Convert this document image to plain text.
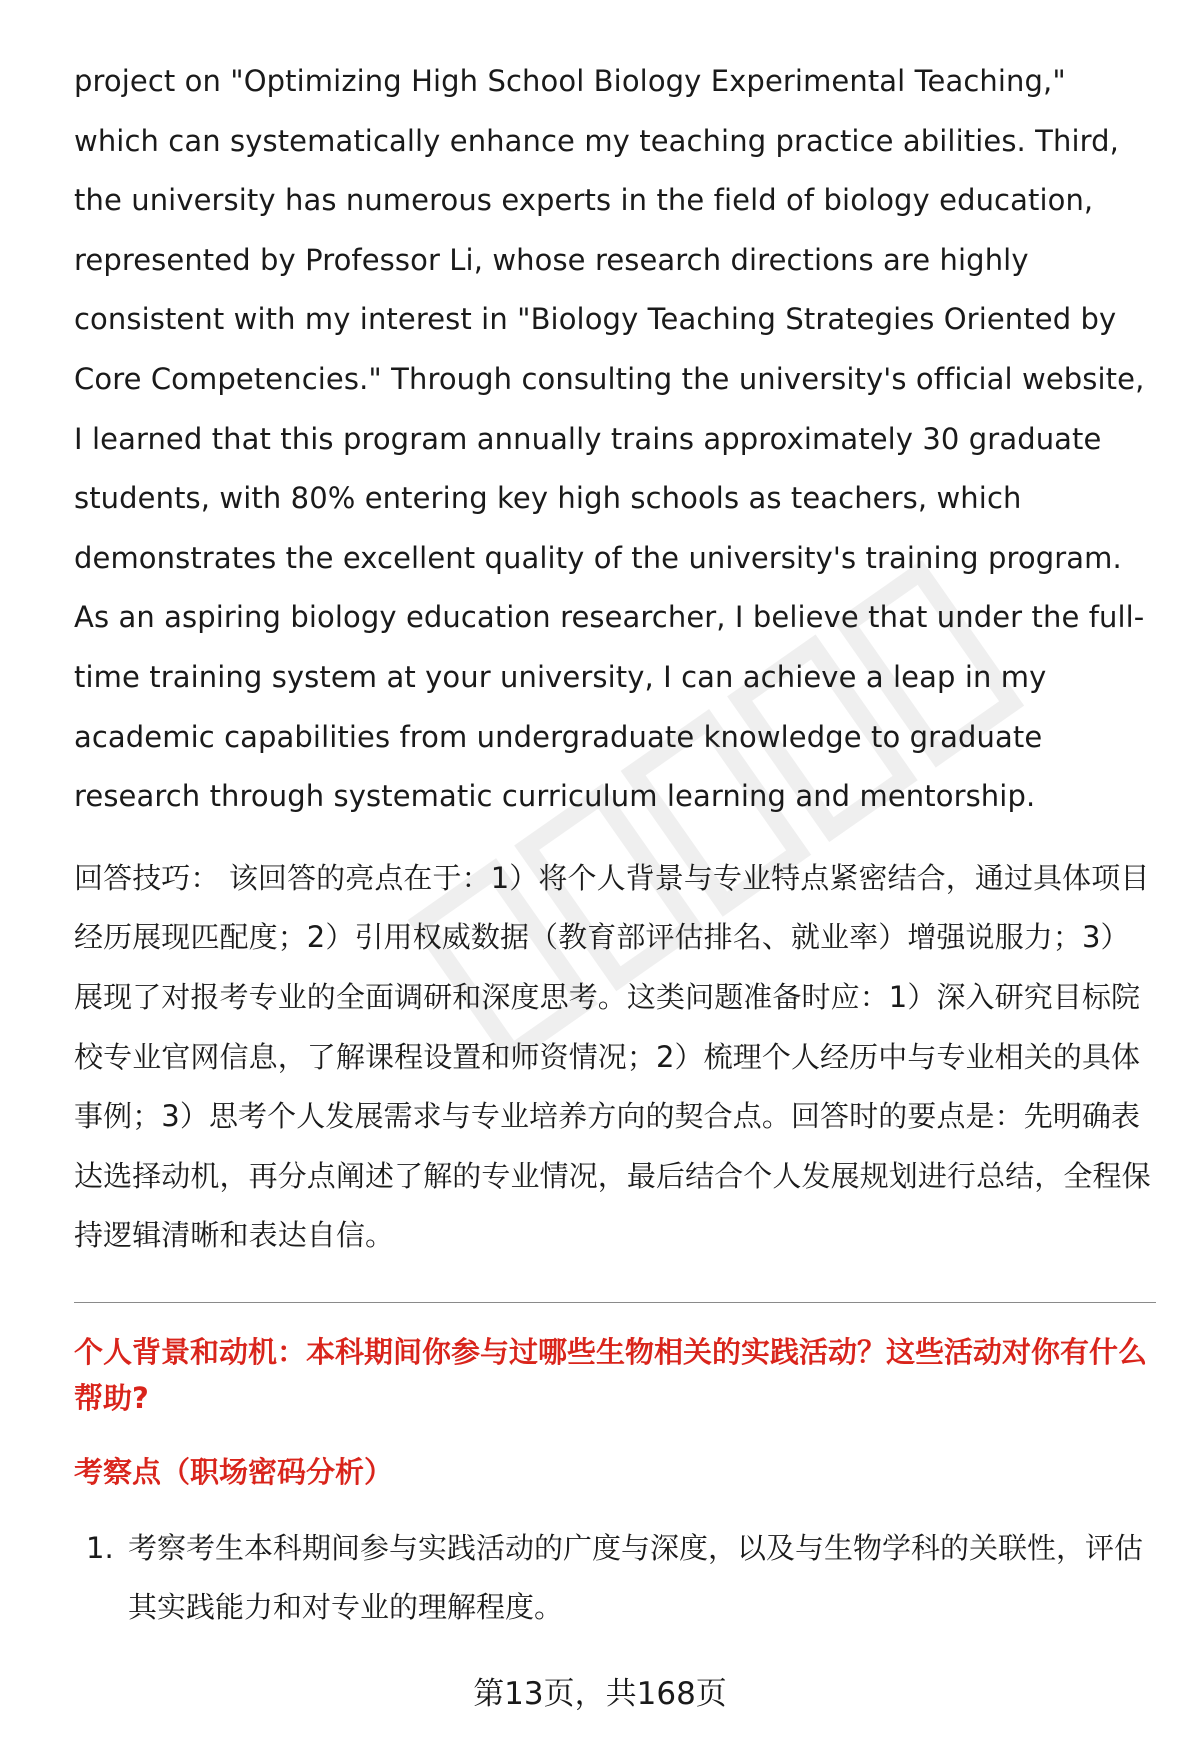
project on "Optimizing High School Biology Experimental Teaching," which can systematically enhance my teaching practice abilities. Third, the university has numerous experts in the field of biology education, represented by Professor Li, whose research directions are highly consistent with my interest in "Biology Teaching Strategies Oriented by Core Competencies." Through consulting the university's official website, I learned that this program annually trains approximately 30 graduate students, with 80% entering key high schools as teachers, which demonstrates the excellent quality of the university's training program. As an aspiring biology education researcher, I believe that under the full-time training system at your university, I can achieve a leap in my academic capabilities from undergraduate knowledge to graduate research through systematic curriculum learning and mentorship.

回答技巧： 该回答的亮点在于：1）将个人背景与专业特点紧密结合，通过具体项目经历展现匹配度；2）引用权威数据（教育部评估排名、就业率）增强说服力；3）展现了对报考专业的全面调研和深度思考。这类问题准备时应：1）深入研究目标院校专业官网信息，了解课程设置和师资情况；2）梳理个人经历中与专业相关的具体事例；3）思考个人发展需求与专业培养方向的契合点。回答时的要点是：先明确表达选择动机，再分点阐述了解的专业情况，最后结合个人发展规划进行总结，全程保持逻辑清晰和表达自信。

个人背景和动机：本科期间你参与过哪些生物相关的实践活动？这些活动对你有什么帮助?
考察点（职场密码分析）
1. 考察考生本科期间参与实践活动的广度与深度，以及与生物学科的关联性，评估其实践能力和对专业的理解程度。
第13页，共168页
